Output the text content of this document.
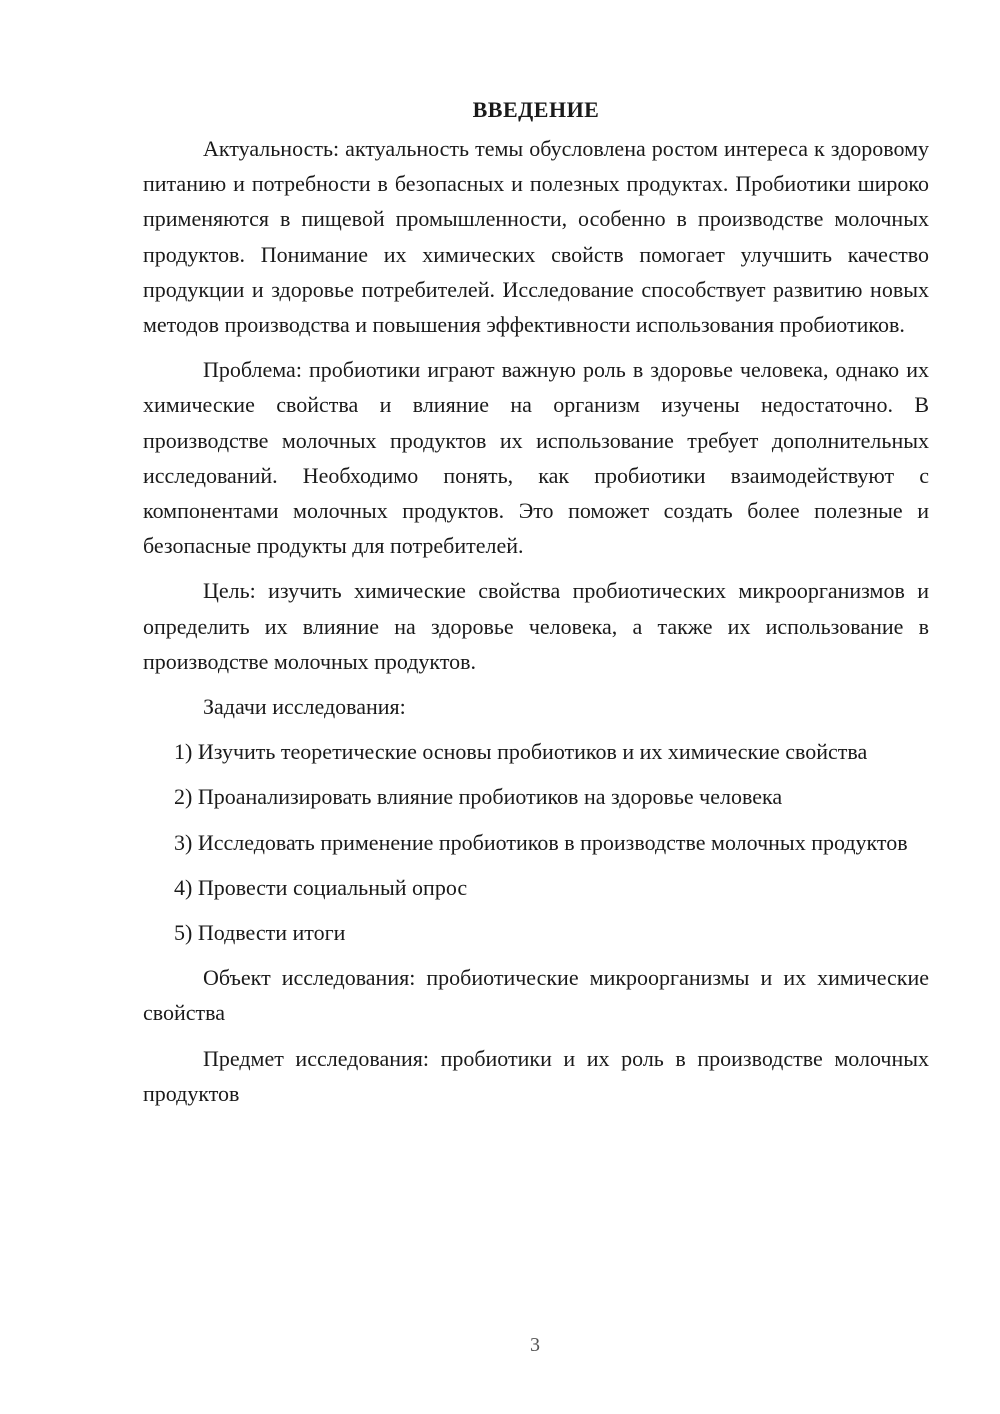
ВВЕДЕНИЕ

Актуальность: актуальность темы обусловлена ростом интереса к здоровому питанию и потребности в безопасных и полезных продуктах. Пробиотики широко применяются в пищевой промышленности, особенно в производстве молочных продуктов. Понимание их химических свойств помогает улучшить качество продукции и здоровье потребителей. Исследование способствует развитию новых методов производства и повышения эффективности использования пробиотиков.

Проблема: пробиотики играют важную роль в здоровье человека, однако их химические свойства и влияние на организм изучены недостаточно. В производстве молочных продуктов их использование требует дополнительных исследований. Необходимо понять, как пробиотики взаимодействуют с компонентами молочных продуктов. Это поможет создать более полезные и безопасные продукты для потребителей.

Цель: изучить химические свойства пробиотических микроорганизмов и определить их влияние на здоровье человека, а также их использование в производстве молочных продуктов.

Задачи исследования:

1) Изучить теоретические основы пробиотиков и их химические свойства

2) Проанализировать влияние пробиотиков на здоровье человека

3) Исследовать применение пробиотиков в производстве молочных продуктов

4) Провести социальный опрос

5) Подвести итоги

Объект исследования: пробиотические микроорганизмы и их химические свойства

Предмет исследования: пробиотики и их роль в производстве молочных продуктов

3
